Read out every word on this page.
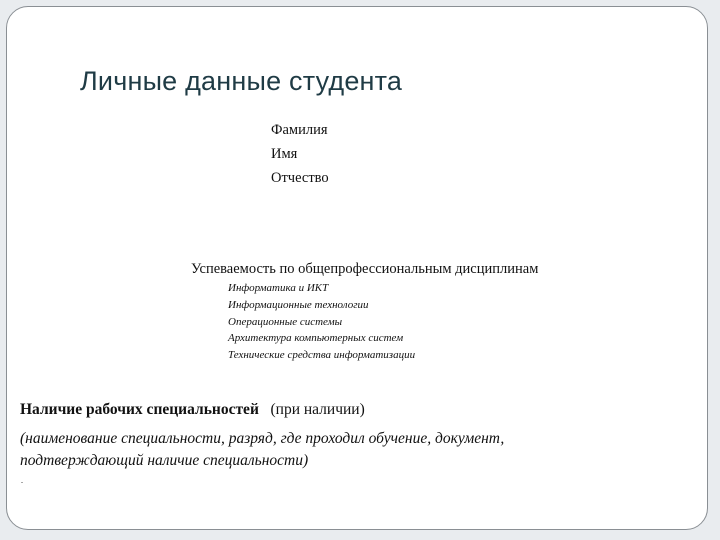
Личные данные студента
Фамилия
Имя
Отчество
Успеваемость по общепрофессиональным дисциплинам
Информатика и ИКТ
Информационные технологии
Операционные системы
Архитектура компьютерных систем
Технические средства информатизации
Наличие рабочих специальностей (при наличии)
(наименование специальности, разряд, где проходил обучение, документ,
подтверждающий наличие специальности)
.
